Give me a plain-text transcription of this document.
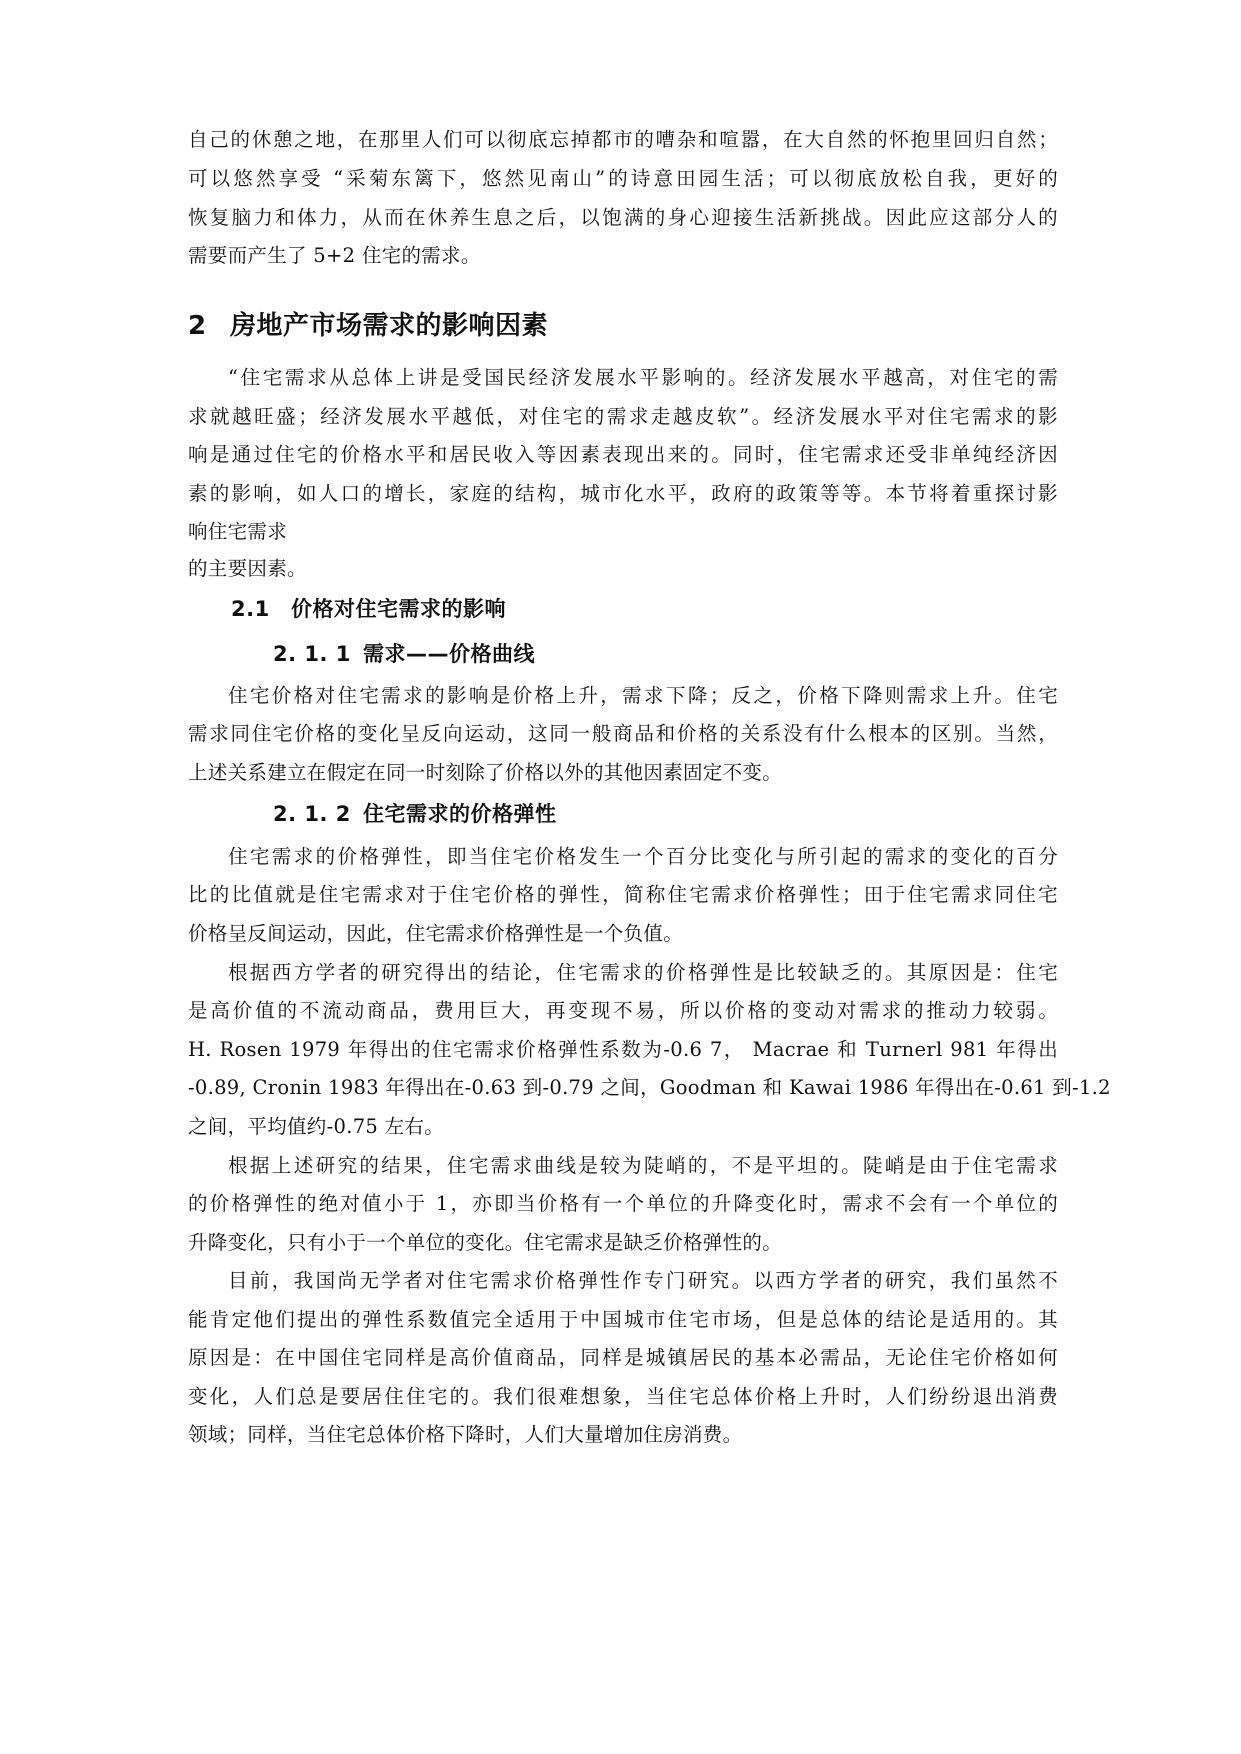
自己的休憩之地，在那里人们可以彻底忘掉都市的嘈杂和喧嚣，在大自然的怀抱里回归自然；
可以悠然享受 “采菊东篱下，悠然见南山”的诗意田园生活；可以彻底放松自我，更好的
恢复脑力和体力，从而在休养生息之后，以饱满的身心迎接生活新挑战。因此应这部分人的
需要而产生了 5+2 住宅的需求。
2 房地产市场需求的影响因素
“住宅需求从总体上讲是受国民经济发展水平影响的。经济发展水平越高，对住宅的需
求就越旺盛；经济发展水平越低，对住宅的需求走越皮软”。经济发展水平对住宅需求的影
响是通过住宅的价格水平和居民收入等因素表现出来的。同时，住宅需求还受非单纯经济因
素的影响，如人口的增长，家庭的结构，城市化水平，政府的政策等等。本节将着重探讨影
响住宅需求
的主要因素。
2.1 价格对住宅需求的影响
2. 1. 1 需求——价格曲线
住宅价格对住宅需求的影响是价格上升，需求下降；反之，价格下降则需求上升。住宅
需求同住宅价格的变化呈反向运动，这同一般商品和价格的关系没有什么根本的区别。当然，
上述关系建立在假定在同一时刻除了价格以外的其他因素固定不变。
2. 1. 2 住宅需求的价格弹性
住宅需求的价格弹性，即当住宅价格发生一个百分比变化与所引起的需求的变化的百分
比的比值就是住宅需求对于住宅价格的弹性，简称住宅需求价格弹性；田于住宅需求同住宅
价格呈反间运动，因此，住宅需求价格弹性是一个负值。
根据西方学者的研究得出的结论，住宅需求的价格弹性是比较缺乏的。其原因是：住宅
是高价值的不流动商品，费用巨大，再变现不易，所以价格的变动对需求的推动力较弱。
H. Rosen 1979 年得出的住宅需求价格弹性系数为-0.6 7， Macrae 和 Turnerl 981 年得出
-0.89, Cronin 1983 年得出在-0.63 到-0.79 之间，Goodman 和 Kawai 1986 年得出在-0.61 到-1.2
之间，平均值约-0.75 左右。
根据上述研究的结果，住宅需求曲线是较为陡峭的，不是平坦的。陡峭是由于住宅需求
的价格弹性的绝对值小于 1，亦即当价格有一个单位的升降变化时，需求不会有一个单位的
升降变化，只有小于一个单位的变化。住宅需求是缺乏价格弹性的。
目前，我国尚无学者对住宅需求价格弹性作专门研究。以西方学者的研究，我们虽然不
能肯定他们提出的弹性系数值完全适用于中国城市住宅市场，但是总体的结论是适用的。其
原因是：在中国住宅同样是高价值商品，同样是城镇居民的基本必需品，无论住宅价格如何
变化，人们总是要居住住宅的。我们很难想象，当住宅总体价格上升时，人们纷纷退出消费
领域；同样，当住宅总体价格下降时，人们大量增加住房消费。
